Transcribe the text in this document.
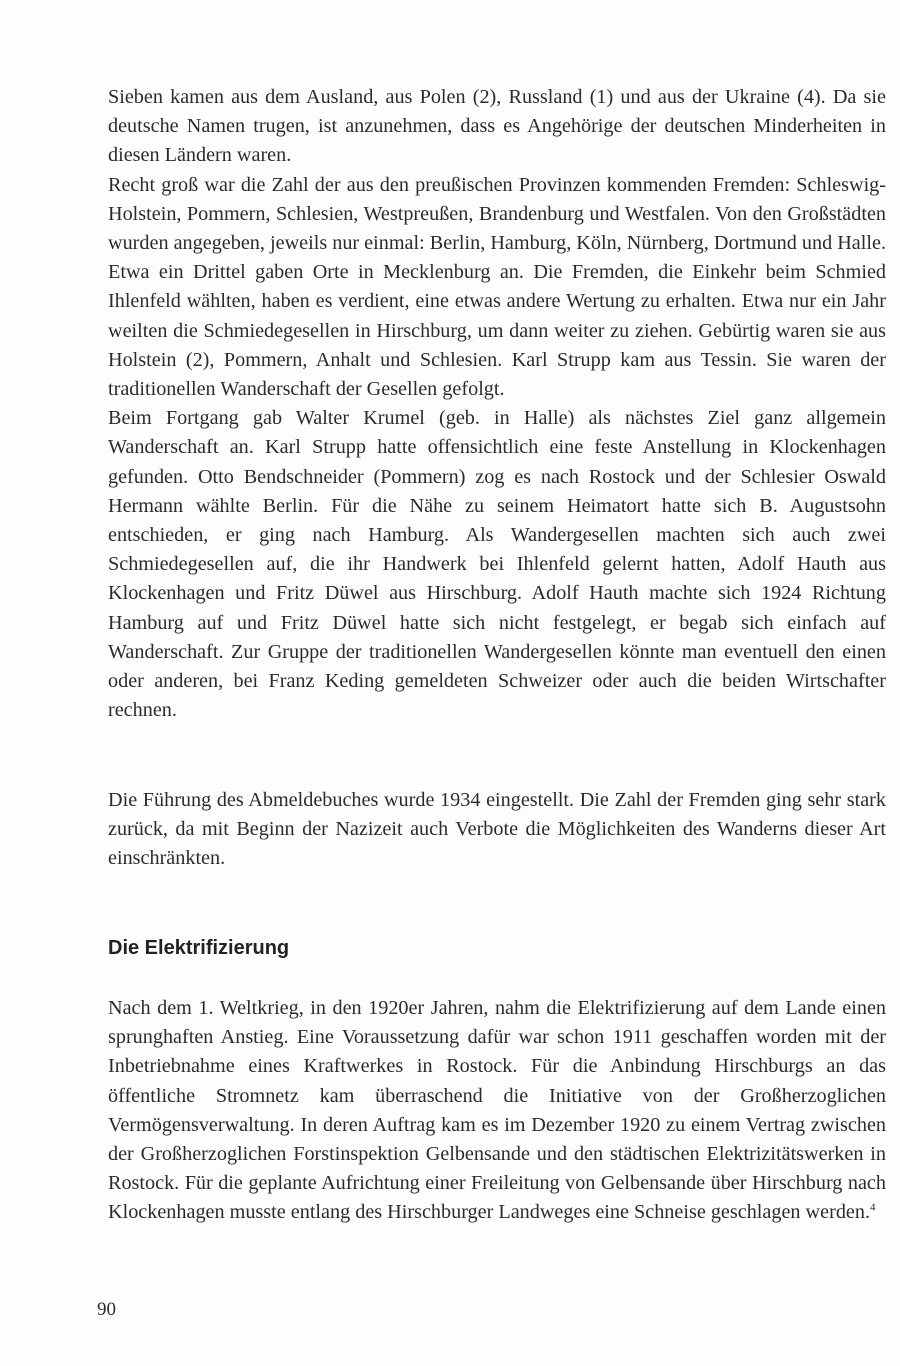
Sieben kamen aus dem Ausland, aus Polen (2), Russland (1) und aus der Ukraine (4). Da sie deutsche Namen trugen, ist anzunehmen, dass es Angehörige der deutschen Minderheiten in diesen Ländern waren.

Recht groß war die Zahl der aus den preußischen Provinzen kommenden Fremden: Schleswig-Holstein, Pommern, Schlesien, Westpreußen, Brandenburg und Westfalen. Von den Großstädten wurden angegeben, jeweils nur einmal: Berlin, Hamburg, Köln, Nürnberg, Dortmund und Halle. Etwa ein Drittel gaben Orte in Mecklenburg an. Die Fremden, die Einkehr beim Schmied Ihlenfeld wählten, haben es verdient, eine etwas andere Wertung zu erhalten. Etwa nur ein Jahr weilten die Schmiedegesellen in Hirschburg, um dann weiter zu ziehen. Gebürtig waren sie aus Holstein (2), Pommern, Anhalt und Schlesien. Karl Strupp kam aus Tessin. Sie waren der traditionellen Wanderschaft der Gesellen gefolgt.

Beim Fortgang gab Walter Krumel (geb. in Halle) als nächstes Ziel ganz allgemein Wanderschaft an. Karl Strupp hatte offensichtlich eine feste Anstellung in Klockenhagen gefunden. Otto Bendschneider (Pommern) zog es nach Rostock und der Schlesier Oswald Hermann wählte Berlin. Für die Nähe zu seinem Heimatort hatte sich B. Augustsohn entschieden, er ging nach Hamburg. Als Wandergesellen machten sich auch zwei Schmiedegesellen auf, die ihr Handwerk bei Ihlenfeld gelernt hatten, Adolf Hauth aus Klockenhagen und Fritz Düwel aus Hirschburg. Adolf Hauth machte sich 1924 Richtung Hamburg auf und Fritz Düwel hatte sich nicht festgelegt, er begab sich einfach auf Wanderschaft. Zur Gruppe der traditionellen Wandergesellen könnte man eventuell den einen oder anderen, bei Franz Keding gemeldeten Schweizer oder auch die beiden Wirtschafter rechnen.

Die Führung des Abmeldebuches wurde 1934 eingestellt. Die Zahl der Fremden ging sehr stark zurück, da mit Beginn der Nazizeit auch Verbote die Möglichkeiten des Wanderns dieser Art einschränkten.

Die Elektrifizierung

Nach dem 1. Weltkrieg, in den 1920er Jahren, nahm die Elektrifizierung auf dem Lande einen sprunghaften Anstieg. Eine Voraussetzung dafür war schon 1911 geschaffen worden mit der Inbetriebnahme eines Kraftwerkes in Rostock. Für die Anbindung Hirschburgs an das öffentliche Stromnetz kam überraschend die Initiative von der Großherzoglichen Vermögensverwaltung. In deren Auftrag kam es im Dezember 1920 zu einem Vertrag zwischen der Großherzoglichen Forstinspektion Gelbensande und den städtischen Elektrizitätswerken in Rostock. Für die geplante Aufrichtung einer Freileitung von Gelbensande über Hirschburg nach Klockenhagen musste entlang des Hirschburger Landweges eine Schneise geschlagen werden.$^4$

90
